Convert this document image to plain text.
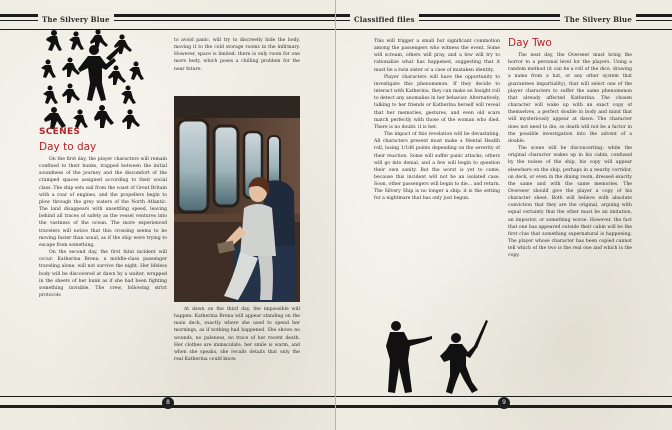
The Silvery Blue
SCENES
Day to day

On the first day, the player characters will remain confined to their bunks, trapped between the initial soundness of the journey and the discomfort of the cramped spaces assigned according to their social class. The ship sets sail from the coast of Great Britain with a roar of engines, and the propellers begin to plow through the grey waters of the North Atlantic. The land disappears with unsettling speed, leaving behind all traces of safety as the vessel ventures into the vastness of the ocean. The more experienced travelers will notice that this crossing seems to be moving faster than usual, as if the ship were trying to escape from something.

On the second day, the first fatal incident will occur: Katherina Brena, a middle-class passenger traveling alone, will not survive the night. Her lifeless body will be discovered at dawn by a waiter, wrapped in the sheets of her bunk as if she had been fighting something invisible. The crew, following strict protocols

to avoid panic, will try to discreetly hide the body, moving it to the cold storage rooms in the infirmary. However, space is limited: there is only room for one more body, which poses a chilling problem for the near future.

At dawn on the third day, the impossible will happen: Katherina Brena will appear standing on the main deck, exactly where she used to spend her mornings, as if nothing had happened. She shows no wounds, no paleness, no trace of her recent death. Her clothes are immaculate, her smile is warm, and when she speaks, she recalls details that only the real Katherina could know.

8
Classified files	The Silvery Blue

This will trigger a small but significant commotion among the passengers who witness the event. Some will scream, others will pray, and a few will try to rationalize what has happened, suggesting that it must be a twin sister or a case of mistaken identity.

Player characters will have the opportunity to investigate this phenomenon. If they decide to interact with Katherina, they can make an Insight roll to detect any anomalies in her behavior. Alternatively, talking to her friends or Katherina herself will reveal that her memories, gestures, and even old scars match perfectly with those of the woman who died. There is no doubt: it is her.

The impact of this revelation will be devastating. All characters present must make a Mental Health roll, losing 1/1d6 points depending on the severity of their reaction. Some will suffer panic attacks, others will go into denial, and a few will begin to question their own sanity. But the worst is yet to come, because this incident will not be an isolated case. Soon, other passengers will begin to die... and return. The Silvery Ship is no longer a ship: it is the setting for a nightmare that has only just begun.

Day Two

The next day, the Overseer must bring the horror to a personal level for the players. Using a random method (it can be a roll of the dice, drawing a name from a hat, or any other system that guarantees impartiality), that will select one of the player characters to suffer the same phenomenon that already affected Katherina. The chosen character will wake up with an exact copy of themselves, a perfect double in body and mind that will mysteriously appear at dawn. The character does not need to die, so death will not be a factor in the possible investigation into the advent of a double.

The scene will be disconcerting: while the original character wakes up in his cabin, confused by the noises of the ship, his copy will appear elsewhere on the ship, perhaps in a nearby corridor, on deck, or even in the dining room, dressed exactly the same and with the same memories. The Overseer should give the player a copy of his character sheet. Both will believe with absolute conviction that they are the original, arguing with equal certainty that the other must be an imitation, an impostor, or something worse. However, the fact that one has appeared outside their cabin will be the first clue that something supernatural is happening. The player whose character has been copied cannot tell which of the two is the real one and which is the copy.

9
